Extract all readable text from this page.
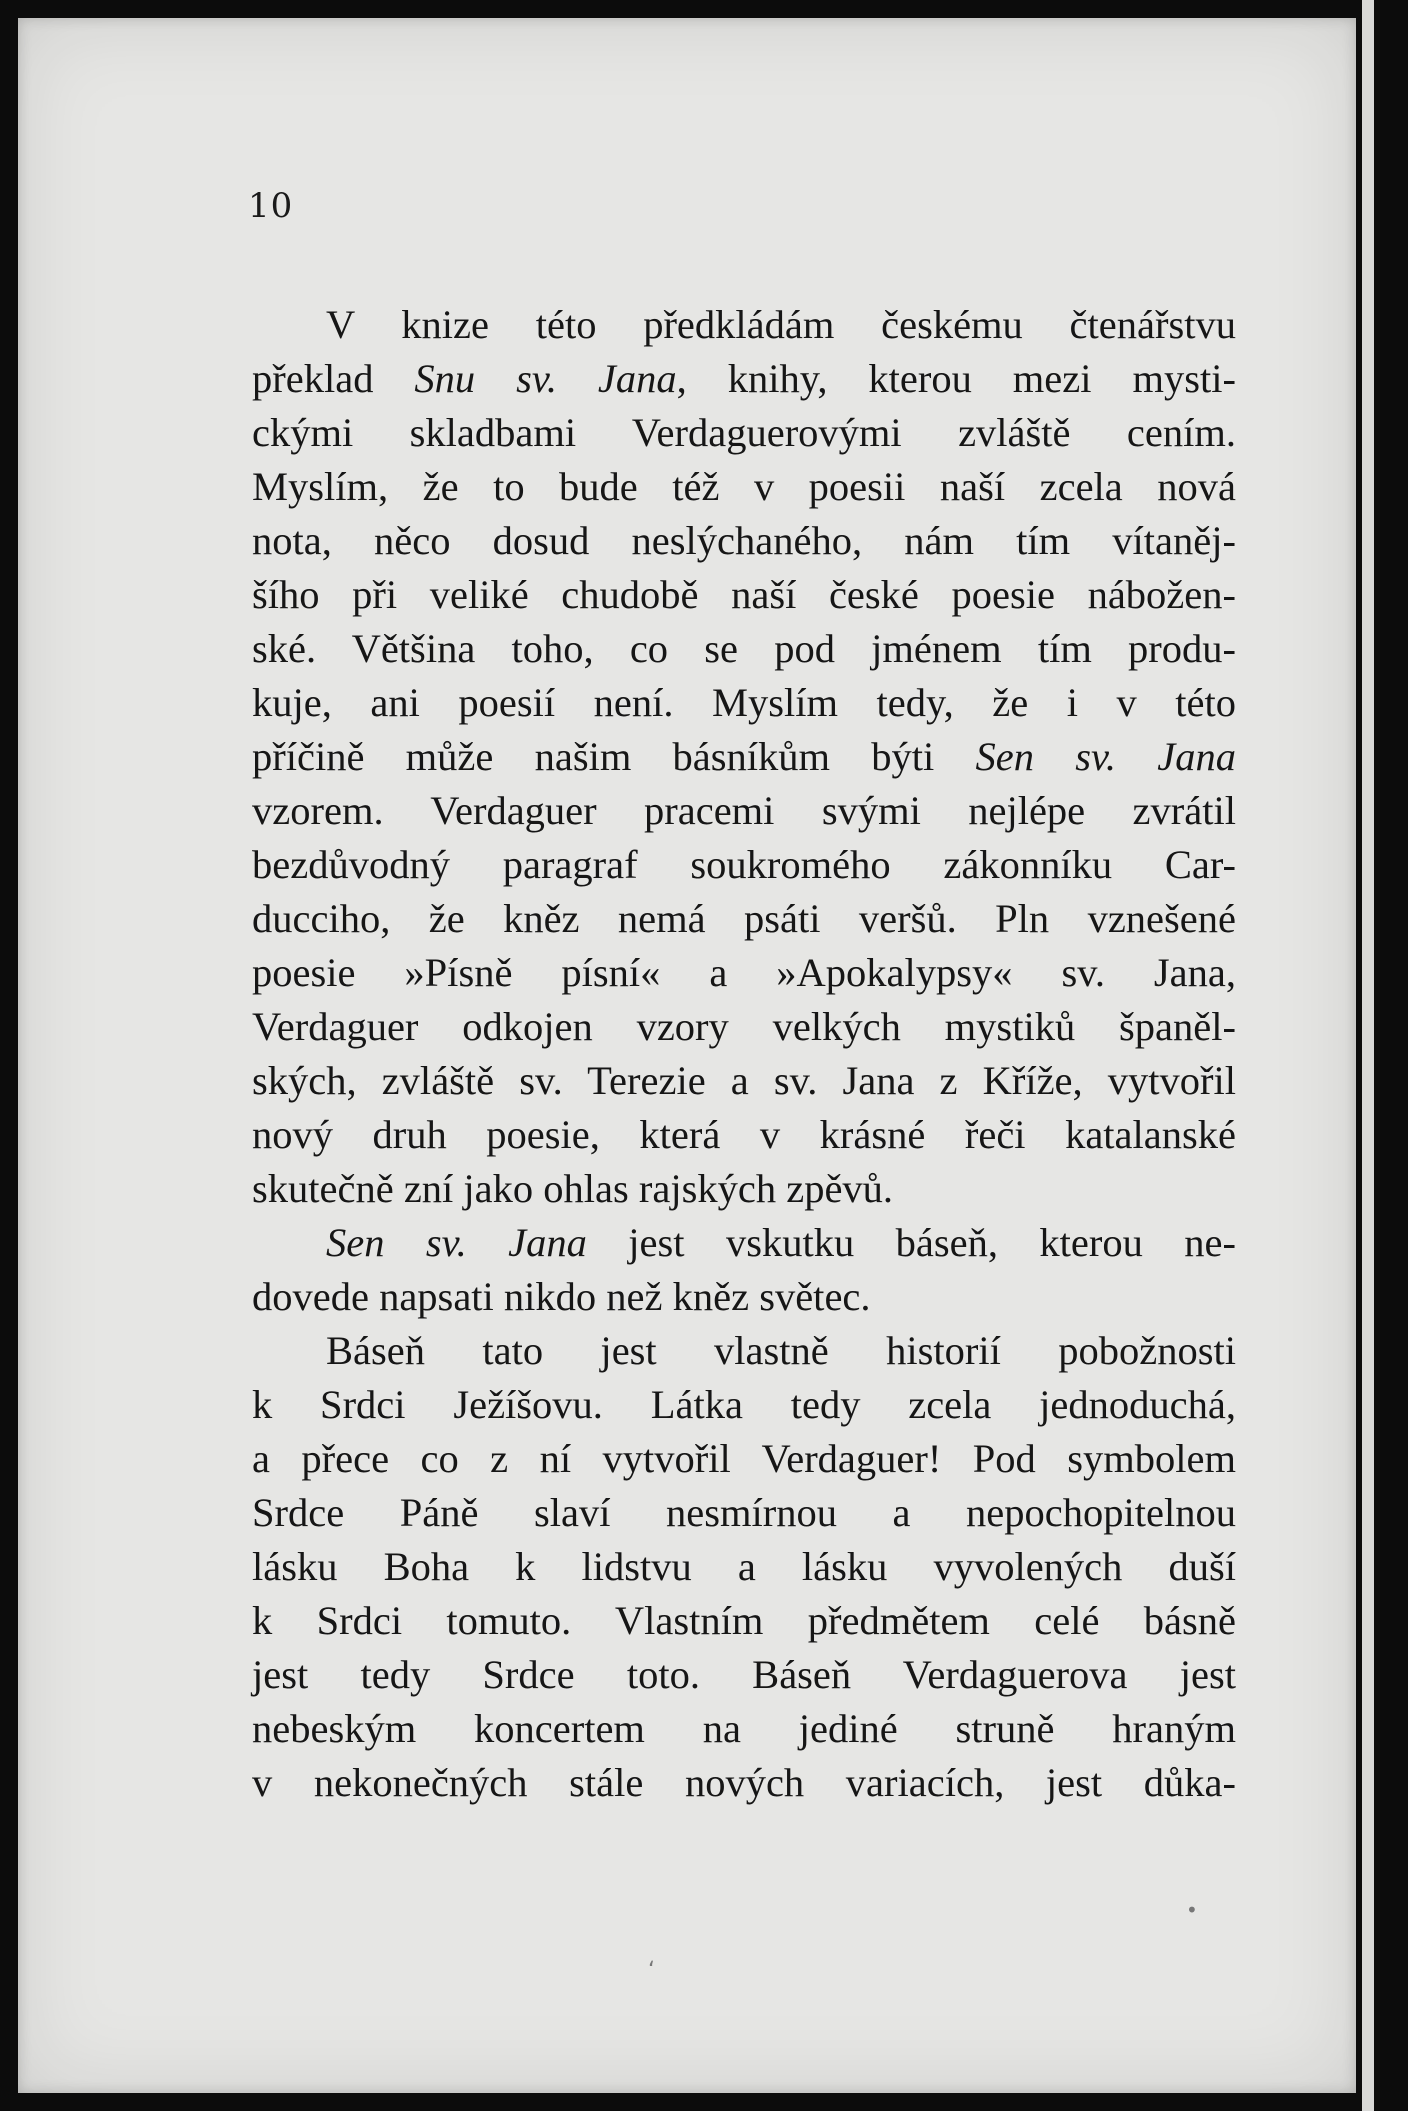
10
V knize této předkládám českému čtenářstvu
překlad Snu sv. Jana, knihy, kterou mezi mysti-
ckými skladbami Verdaguerovými zvláště cením.
Myslím, že to bude též v poesii naší zcela nová
nota, něco dosud neslýchaného, nám tím vítaněj-
šího při veliké chudobě naší české poesie nábožen-
ské. Většina toho, co se pod jménem tím produ-
kuje, ani poesií není. Myslím tedy, že i v této
příčině může našim básníkům býti Sen sv. Jana
vzorem. Verdaguer pracemi svými nejlépe zvrátil
bezdůvodný paragraf soukromého zákonníku Car-
ducciho, že kněz nemá psáti veršů. Pln vznešené
poesie »Písně písní« a »Apokalypsy« sv. Jana,
Verdaguer odkojen vzory velkých mystiků španěl-
ských, zvláště sv. Terezie a sv. Jana z Kříže, vytvořil
nový druh poesie, která v krásné řeči katalanské
skutečně zní jako ohlas rajských zpěvů.
Sen sv. Jana jest vskutku báseň, kterou ne-
dovede napsati nikdo než kněz světec.
Báseň tato jest vlastně historií pobožnosti
k Srdci Ježíšovu. Látka tedy zcela jednoduchá,
a přece co z ní vytvořil Verdaguer! Pod symbolem
Srdce Páně slaví nesmírnou a nepochopitelnou
lásku Boha k lidstvu a lásku vyvolených duší
k Srdci tomuto. Vlastním předmětem celé básně
jest tedy Srdce toto. Báseň Verdaguerova jest
nebeským koncertem na jediné struně hraným
v nekonečných stále nových variacích, jest důka-
ʻ
•
